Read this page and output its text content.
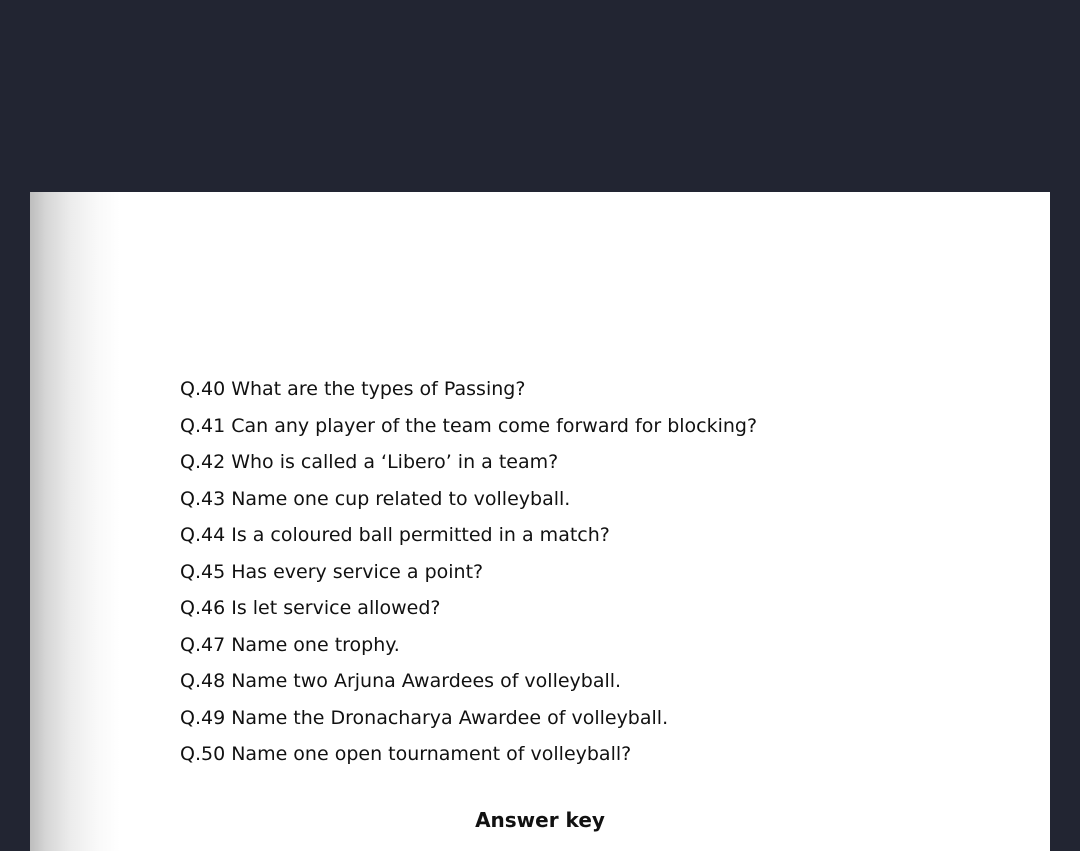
Q.40 What are the types of Passing?
Q.41 Can any player of the team come forward for blocking?
Q.42 Who is called a ‘Libero’ in a team?
Q.43 Name one cup related to volleyball.
Q.44 Is a coloured ball permitted in a match?
Q.45 Has every service a point?
Q.46 Is let service allowed?
Q.47 Name one trophy.
Q.48 Name two Arjuna Awardees of volleyball.
Q.49 Name the Dronacharya Awardee of volleyball.
Q.50 Name one open tournament of volleyball?
Answer key
